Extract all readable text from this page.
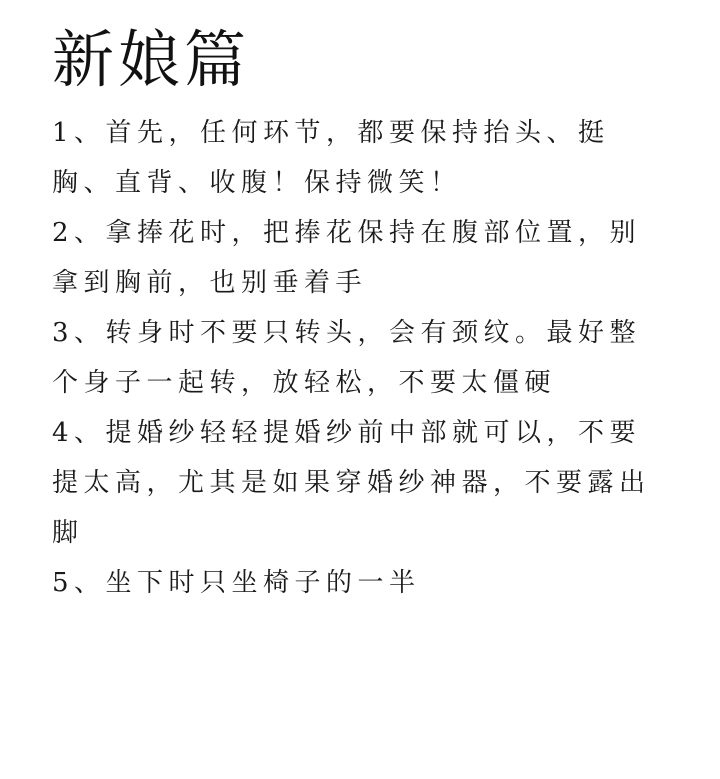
新娘篇
1、首先，任何环节，都要保持抬头、挺胸、直背、收腹！保持微笑！
2、拿捧花时，把捧花保持在腹部位置，别拿到胸前，也别垂着手
3、转身时不要只转头，会有颈纹。最好整个身子一起转，放轻松，不要太僵硬
4、提婚纱轻轻提婚纱前中部就可以，不要提太高，尤其是如果穿婚纱神器，不要露出脚
5、坐下时只坐椅子的一半
